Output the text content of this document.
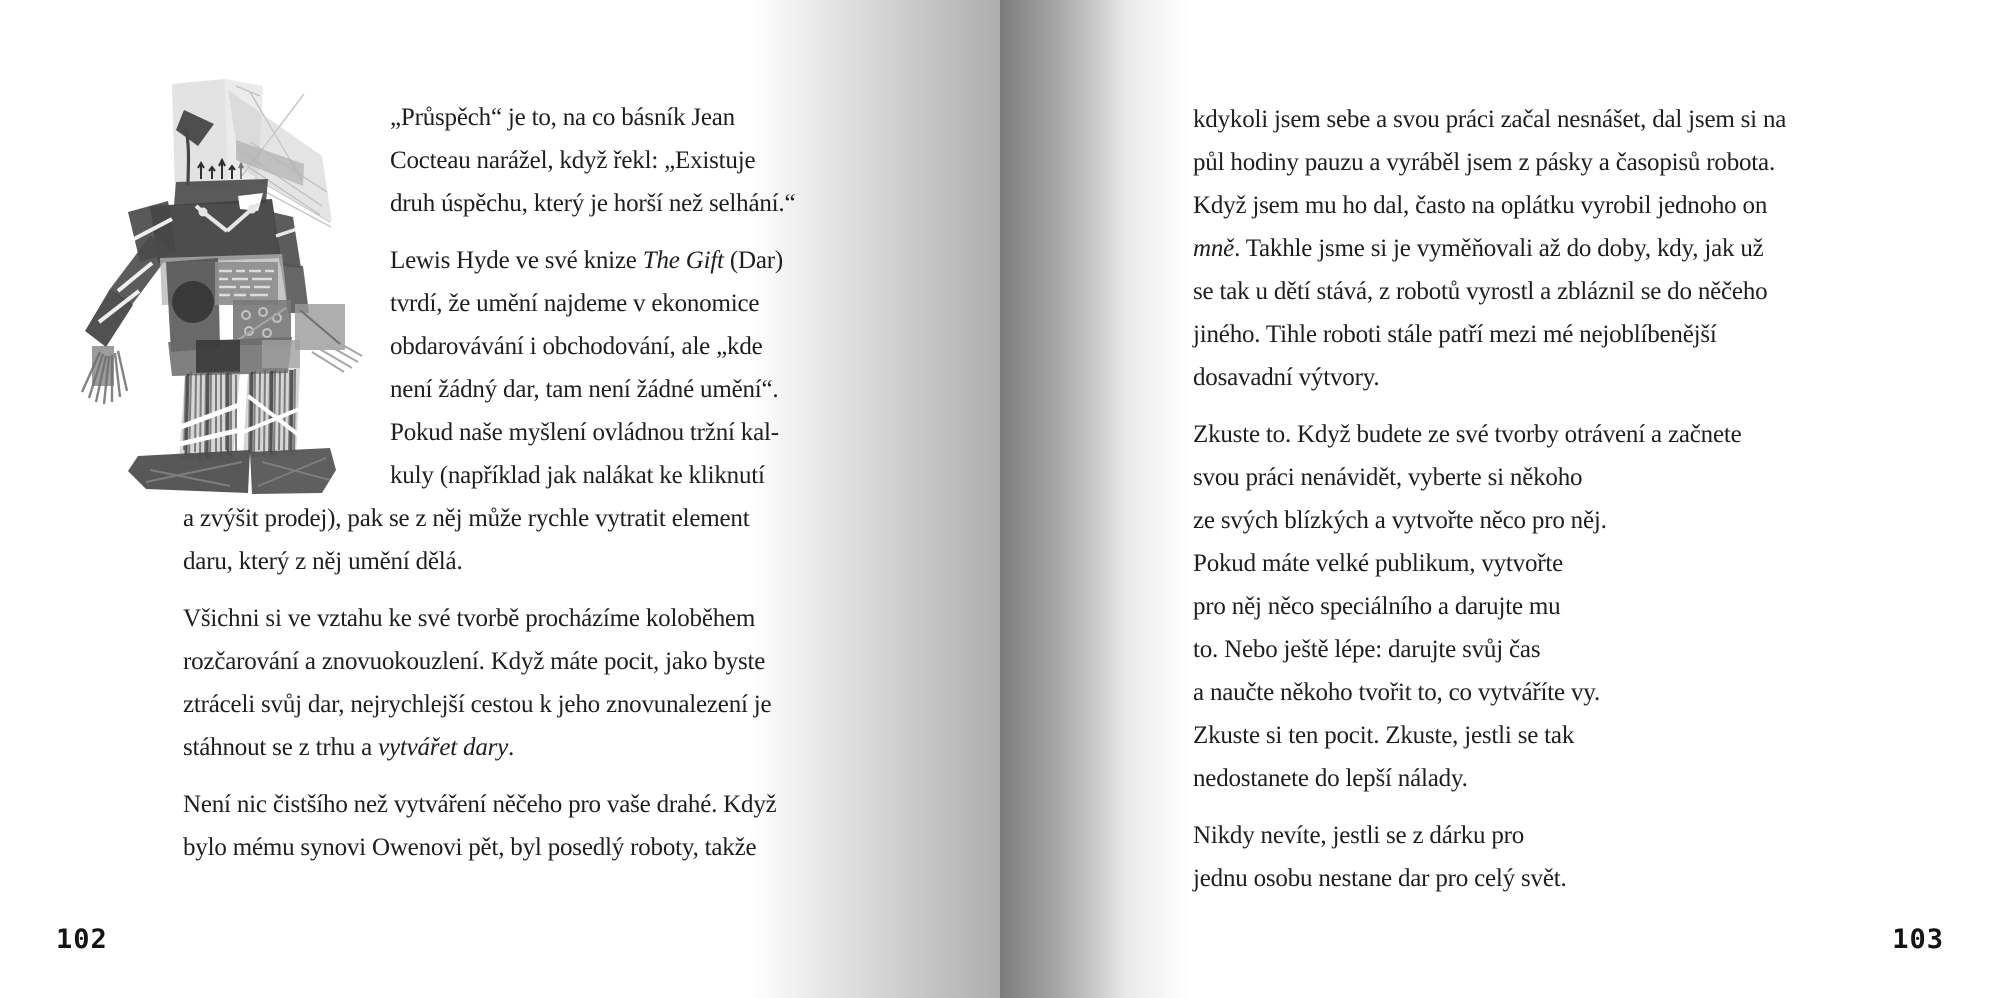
„Průspěch“ je to, na co básník Jean
Cocteau narážel, když řekl: „Existuje
druh úspěchu, který je horší než selhání.“
Lewis Hyde ve své knize The Gift (Dar)
tvrdí, že umění najdeme v ekonomice
obdarovávání i obchodování, ale „kde
není žádný dar, tam není žádné umění“.
Pokud naše myšlení ovládnou tržní kal-
kuly (například jak nalákat ke kliknutí
a zvýšit prodej), pak se z něj může rychle vytratit element
daru, který z něj umění dělá.
Všichni si ve vztahu ke své tvorbě procházíme koloběhem
rozčarování a znovuokouzlení. Když máte pocit, jako byste
ztráceli svůj dar, nejrychlejší cestou k jeho znovunalezení je
stáhnout se z trhu a vytvářet dary.
Není nic čistšího než vytváření něčeho pro vaše drahé. Když
bylo mému synovi Owenovi pět, byl posedlý roboty, takže
102
kdykoli jsem sebe a svou práci začal nesnášet, dal jsem si na
půl hodiny pauzu a vyráběl jsem z pásky a časopisů robota.
Když jsem mu ho dal, často na oplátku vyrobil jednoho on
mně. Takhle jsme si je vyměňovali až do doby, kdy, jak už
se tak u dětí stává, z robotů vyrostl a zbláznil se do něčeho
jiného. Tihle roboti stále patří mezi mé nejoblíbenější
dosavadní výtvory.
Zkuste to. Když budete ze své tvorby otrávení a začnete
svou práci nenávidět, vyberte si někoho
ze svých blízkých a vytvořte něco pro něj.
Pokud máte velké publikum, vytvořte
pro něj něco speciálního a darujte mu
to. Nebo ještě lépe: darujte svůj čas
a naučte někoho tvořit to, co vytváříte vy.
Zkuste si ten pocit. Zkuste, jestli se tak
nedostanete do lepší nálady.
Nikdy nevíte, jestli se z dárku pro
jednu osobu nestane dar pro celý svět.
103
